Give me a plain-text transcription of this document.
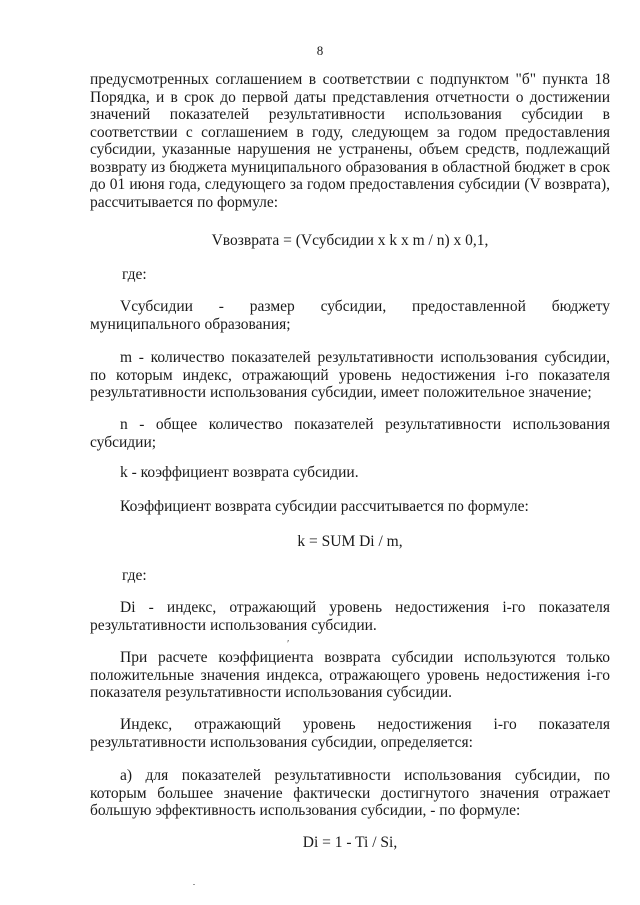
8
предусмотренных соглашением в соответствии с подпунктом "б" пункта 18 Порядка, и в срок до первой даты представления отчетности о достижении значений показателей результативности использования субсидии в соответствии с соглашением в году, следующем за годом предоставления субсидии, указанные нарушения не устранены, объем средств, подлежащий возврату из бюджета муниципального образования в областной бюджет в срок до 01 июня года, следующего за годом предоставления субсидии (V возврата), рассчитывается по формуле:
Vвозврата = (Vсубсидии x k x m / n) x 0,1,
где:
Vсубсидии - размер субсидии, предоставленной бюджету муниципального образования;
m - количество показателей результативности использования субсидии, по которым индекс, отражающий уровень недостижения i-го показателя результативности использования субсидии, имеет положительное значение;
n - общее количество показателей результативности использования субсидии;
k - коэффициент возврата субсидии.
Коэффициент возврата субсидии рассчитывается по формуле:
k = SUM Di / m,
где:
Di - индекс, отражающий уровень недостижения i-го показателя результативности использования субсидии.
′
При расчете коэффициента возврата субсидии используются только положительные значения индекса, отражающего уровень недостижения i-го показателя результативности использования субсидии.
Индекс, отражающий уровень недостижения i-го показателя результативности использования субсидии, определяется:
а) для показателей результативности использования субсидии, по которым большее значение фактически достигнутого значения отражает большую эффективность использования субсидии, - по формуле:
Di = 1 - Ti / Si,
